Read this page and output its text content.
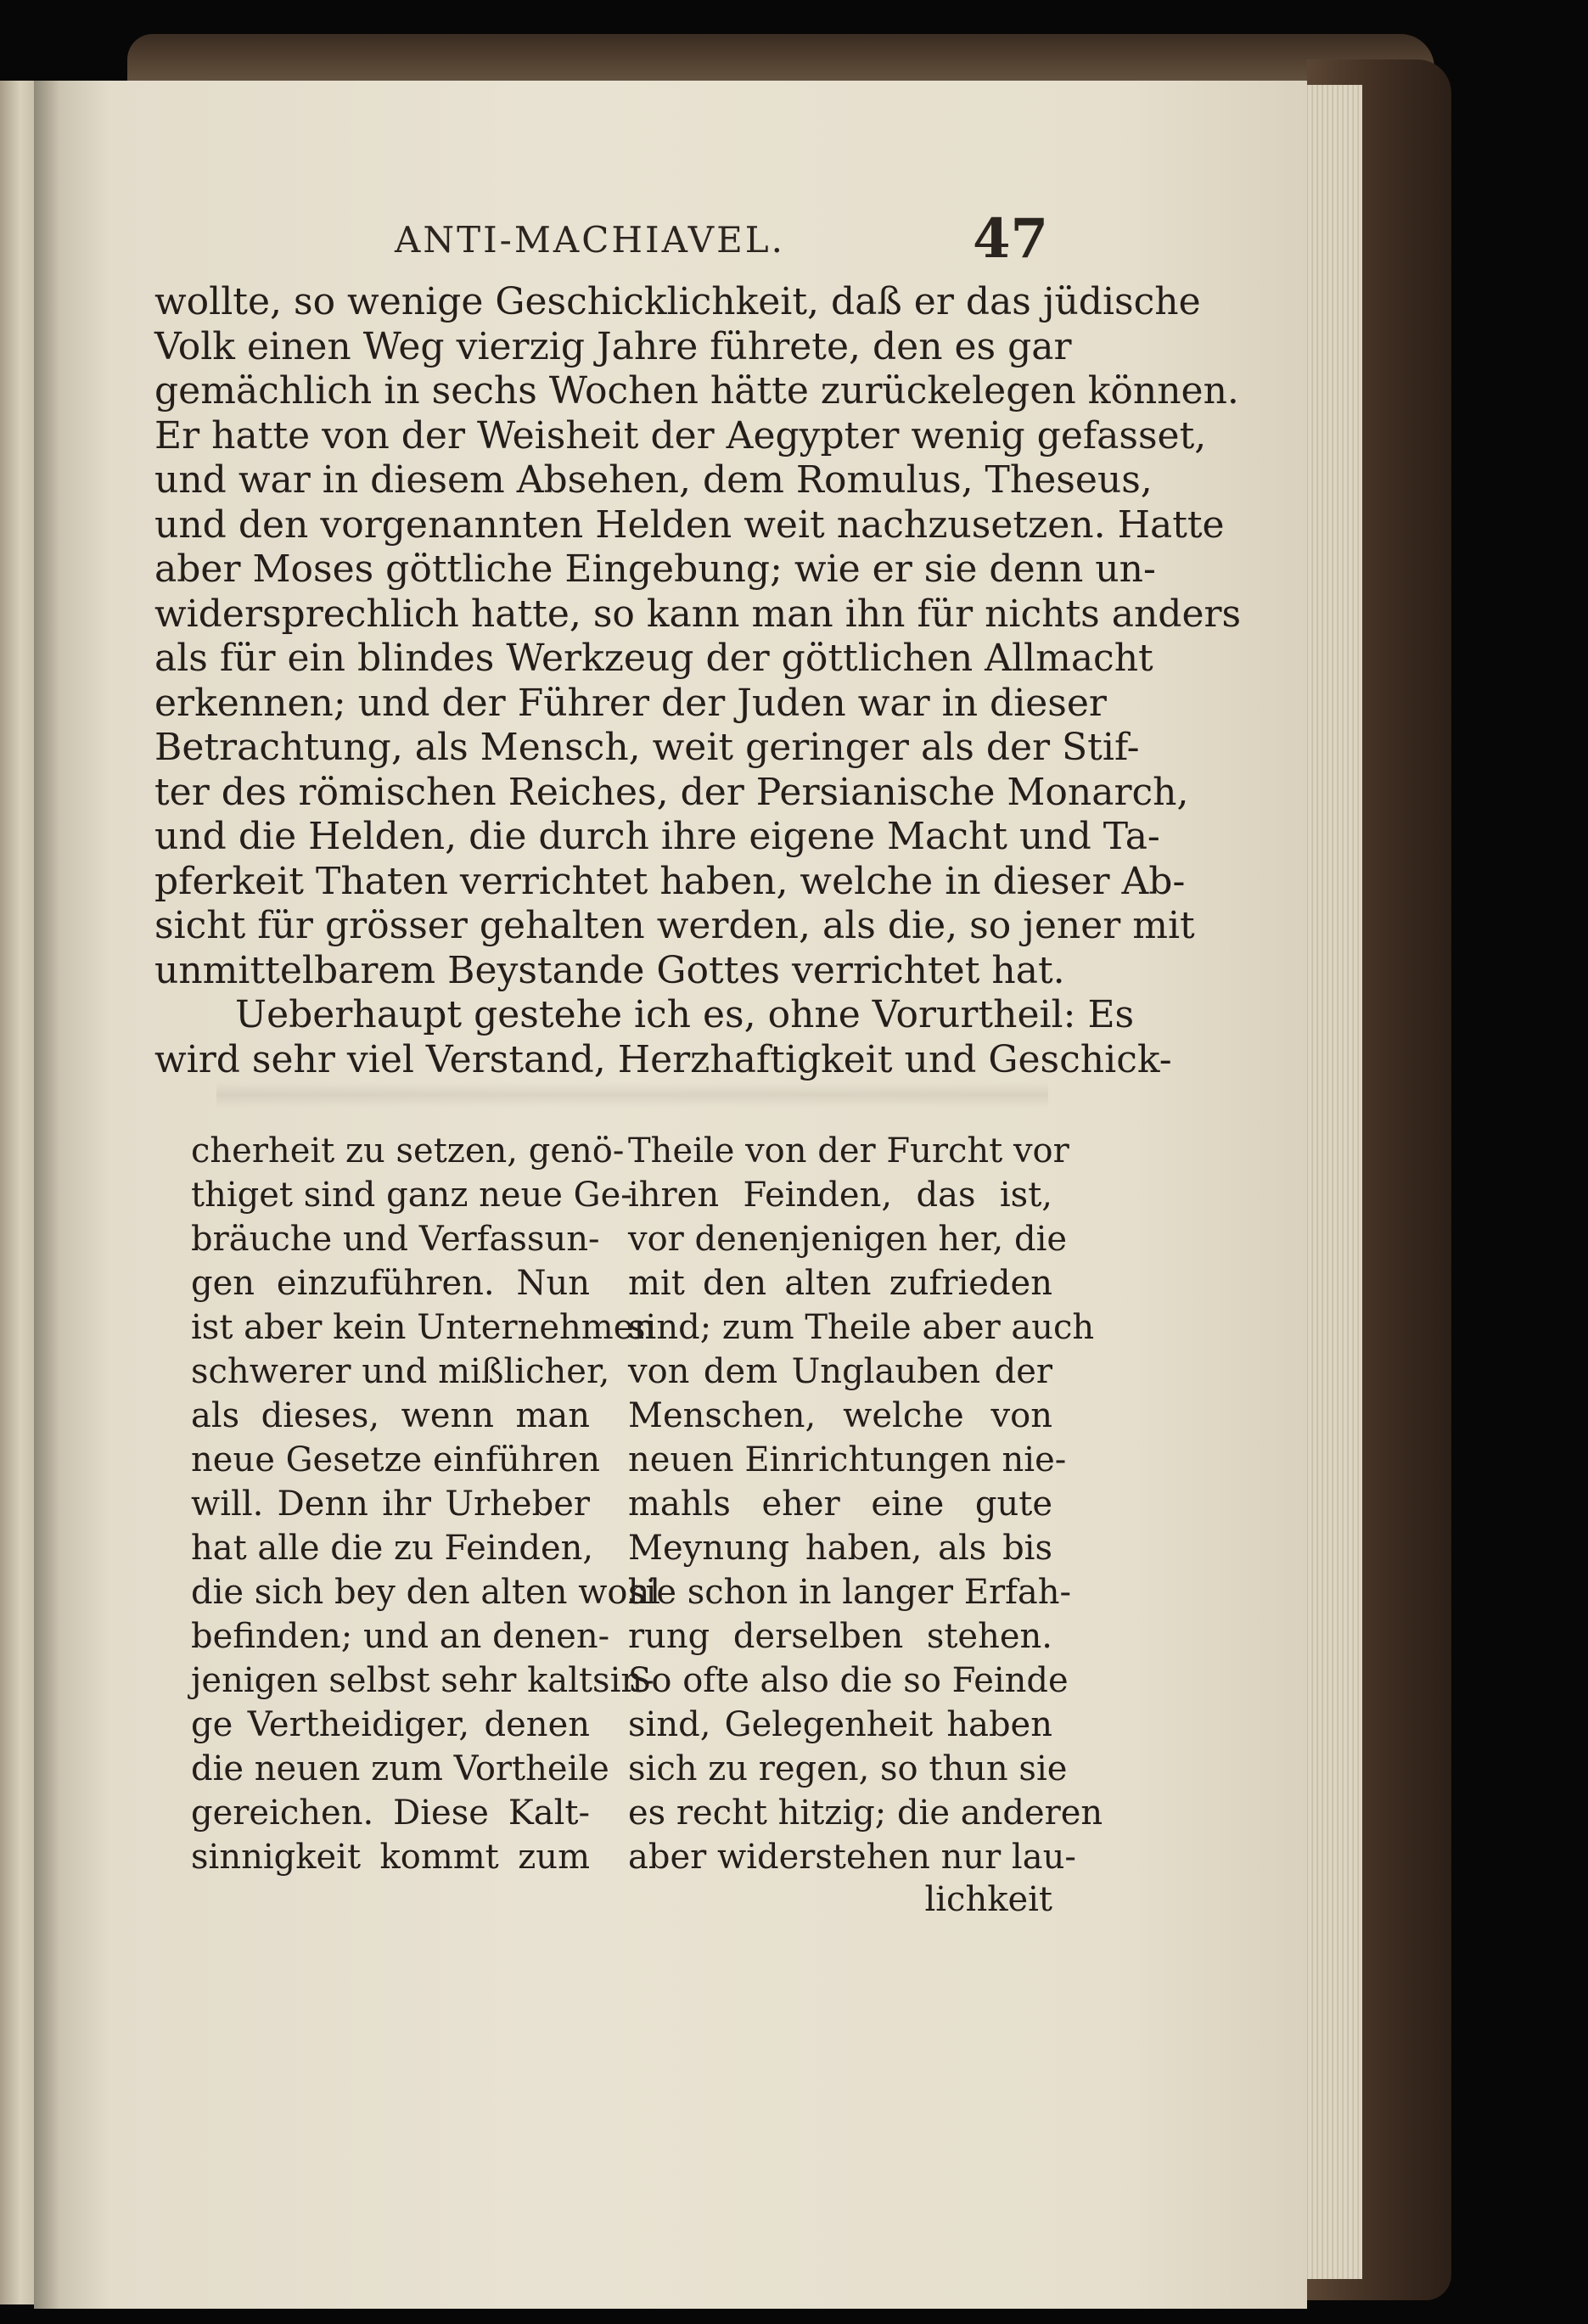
ANTI-MACHIAVEL.	47
wollte, so wenige Geschicklichkeit, daß er das jüdische
Volk einen Weg vierzig Jahre führete, den es gar
gemächlich in sechs Wochen hätte zurückelegen können.
Er hatte von der Weisheit der Aegypter wenig gefasset,
und war in diesem Absehen, dem Romulus, Theseus,
und den vorgenannten Helden weit nachzusetzen. Hatte
aber Moses göttliche Eingebung; wie er sie denn un-
widersprechlich hatte, so kann man ihn für nichts anders
als für ein blindes Werkzeug der göttlichen Allmacht
erkennen; und der Führer der Juden war in dieser
Betrachtung, als Mensch, weit geringer als der Stif-
ter des römischen Reiches, der Persianische Monarch,
und die Helden, die durch ihre eigene Macht und Ta-
pferkeit Thaten verrichtet haben, welche in dieser Ab-
sicht für grösser gehalten werden, als die, so jener mit
unmittelbarem Beystande Gottes verrichtet hat.
Ueberhaupt gestehe ich es, ohne Vorurtheil: Es
wird sehr viel Verstand, Herzhaftigkeit und Geschick-
cherheit zu setzen, genö-
thiget sind ganz neue Ge-
bräuche und Verfassun-
gen einzuführen. Nun
ist aber kein Unternehmen
schwerer und mißlicher,
als dieses, wenn man
neue Gesetze einführen
will. Denn ihr Urheber
hat alle die zu Feinden,
die sich bey den alten wohl
befinden; und an denen-
jenigen selbst sehr kaltsin-
ge Vertheidiger, denen
die neuen zum Vortheile
gereichen. Diese Kalt-
sinnigkeit kommt zum
Theile von der Furcht vor
ihren Feinden, das ist,
vor denenjenigen her, die
mit den alten zufrieden
sind; zum Theile aber auch
von dem Unglauben der
Menschen, welche von
neuen Einrichtungen nie-
mahls eher eine gute
Meynung haben, als bis
sie schon in langer Erfah-
rung derselben stehen.
So ofte also die so Feinde
sind, Gelegenheit haben
sich zu regen, so thun sie
es recht hitzig; die anderen
aber widerstehen nur lau-
lichkeit
